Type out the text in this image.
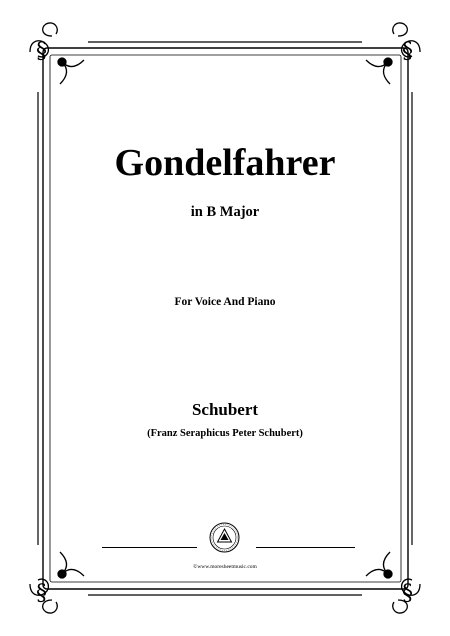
§	§
§	§
Gondelfahrer
in B Major
For Voice And Piano
Schubert
(Franz Seraphicus Peter Schubert)
©www.moresheetmusic.com
